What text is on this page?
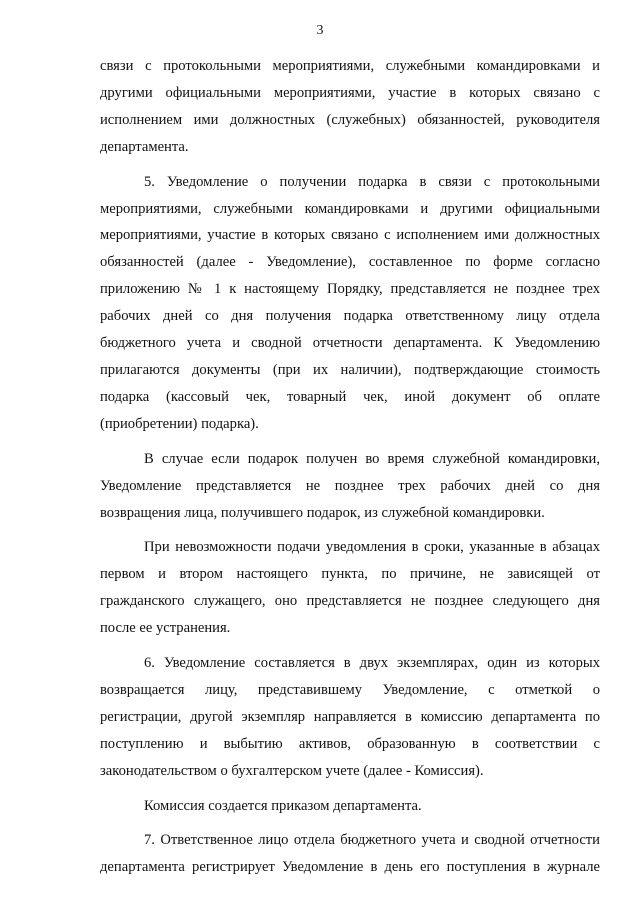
3

связи с протокольными мероприятиями, служебными командировками и
другими официальными мероприятиями, участие в которых связано с
исполнением ими должностных (служебных) обязанностей, руководителя
департамента.

5. Уведомление о получении подарка в связи с протокольными
мероприятиями, служебными командировками и другими официальными
мероприятиями, участие в которых связано с исполнением ими должностных
обязанностей (далее - Уведомление), составленное по форме согласно
приложению № 1 к настоящему Порядку, представляется не позднее трех
рабочих дней со дня получения подарка ответственному лицу отдела
бюджетного учета и сводной отчетности департамента. К Уведомлению
прилагаются документы (при их наличии), подтверждающие стоимость
подарка (кассовый чек, товарный чек, иной документ об оплате
(приобретении) подарка).

В случае если подарок получен во время служебной командировки,
Уведомление представляется не позднее трех рабочих дней со дня
возвращения лица, получившего подарок, из служебной командировки.

При невозможности подачи уведомления в сроки, указанные в абзацах
первом и втором настоящего пункта, по причине, не зависящей от
гражданского служащего, оно представляется не позднее следующего дня
после ее устранения.

6. Уведомление составляется в двух экземплярах, один из которых
возвращается лицу, представившему Уведомление, с отметкой о
регистрации, другой экземпляр направляется в комиссию департамента по
поступлению и выбытию активов, образованную в соответствии с
законодательством о бухгалтерском учете (далее - Комиссия).

Комиссия создается приказом департамента.

7. Ответственное лицо отдела бюджетного учета и сводной отчетности
департамента регистрирует Уведомление в день его поступления в журнале
